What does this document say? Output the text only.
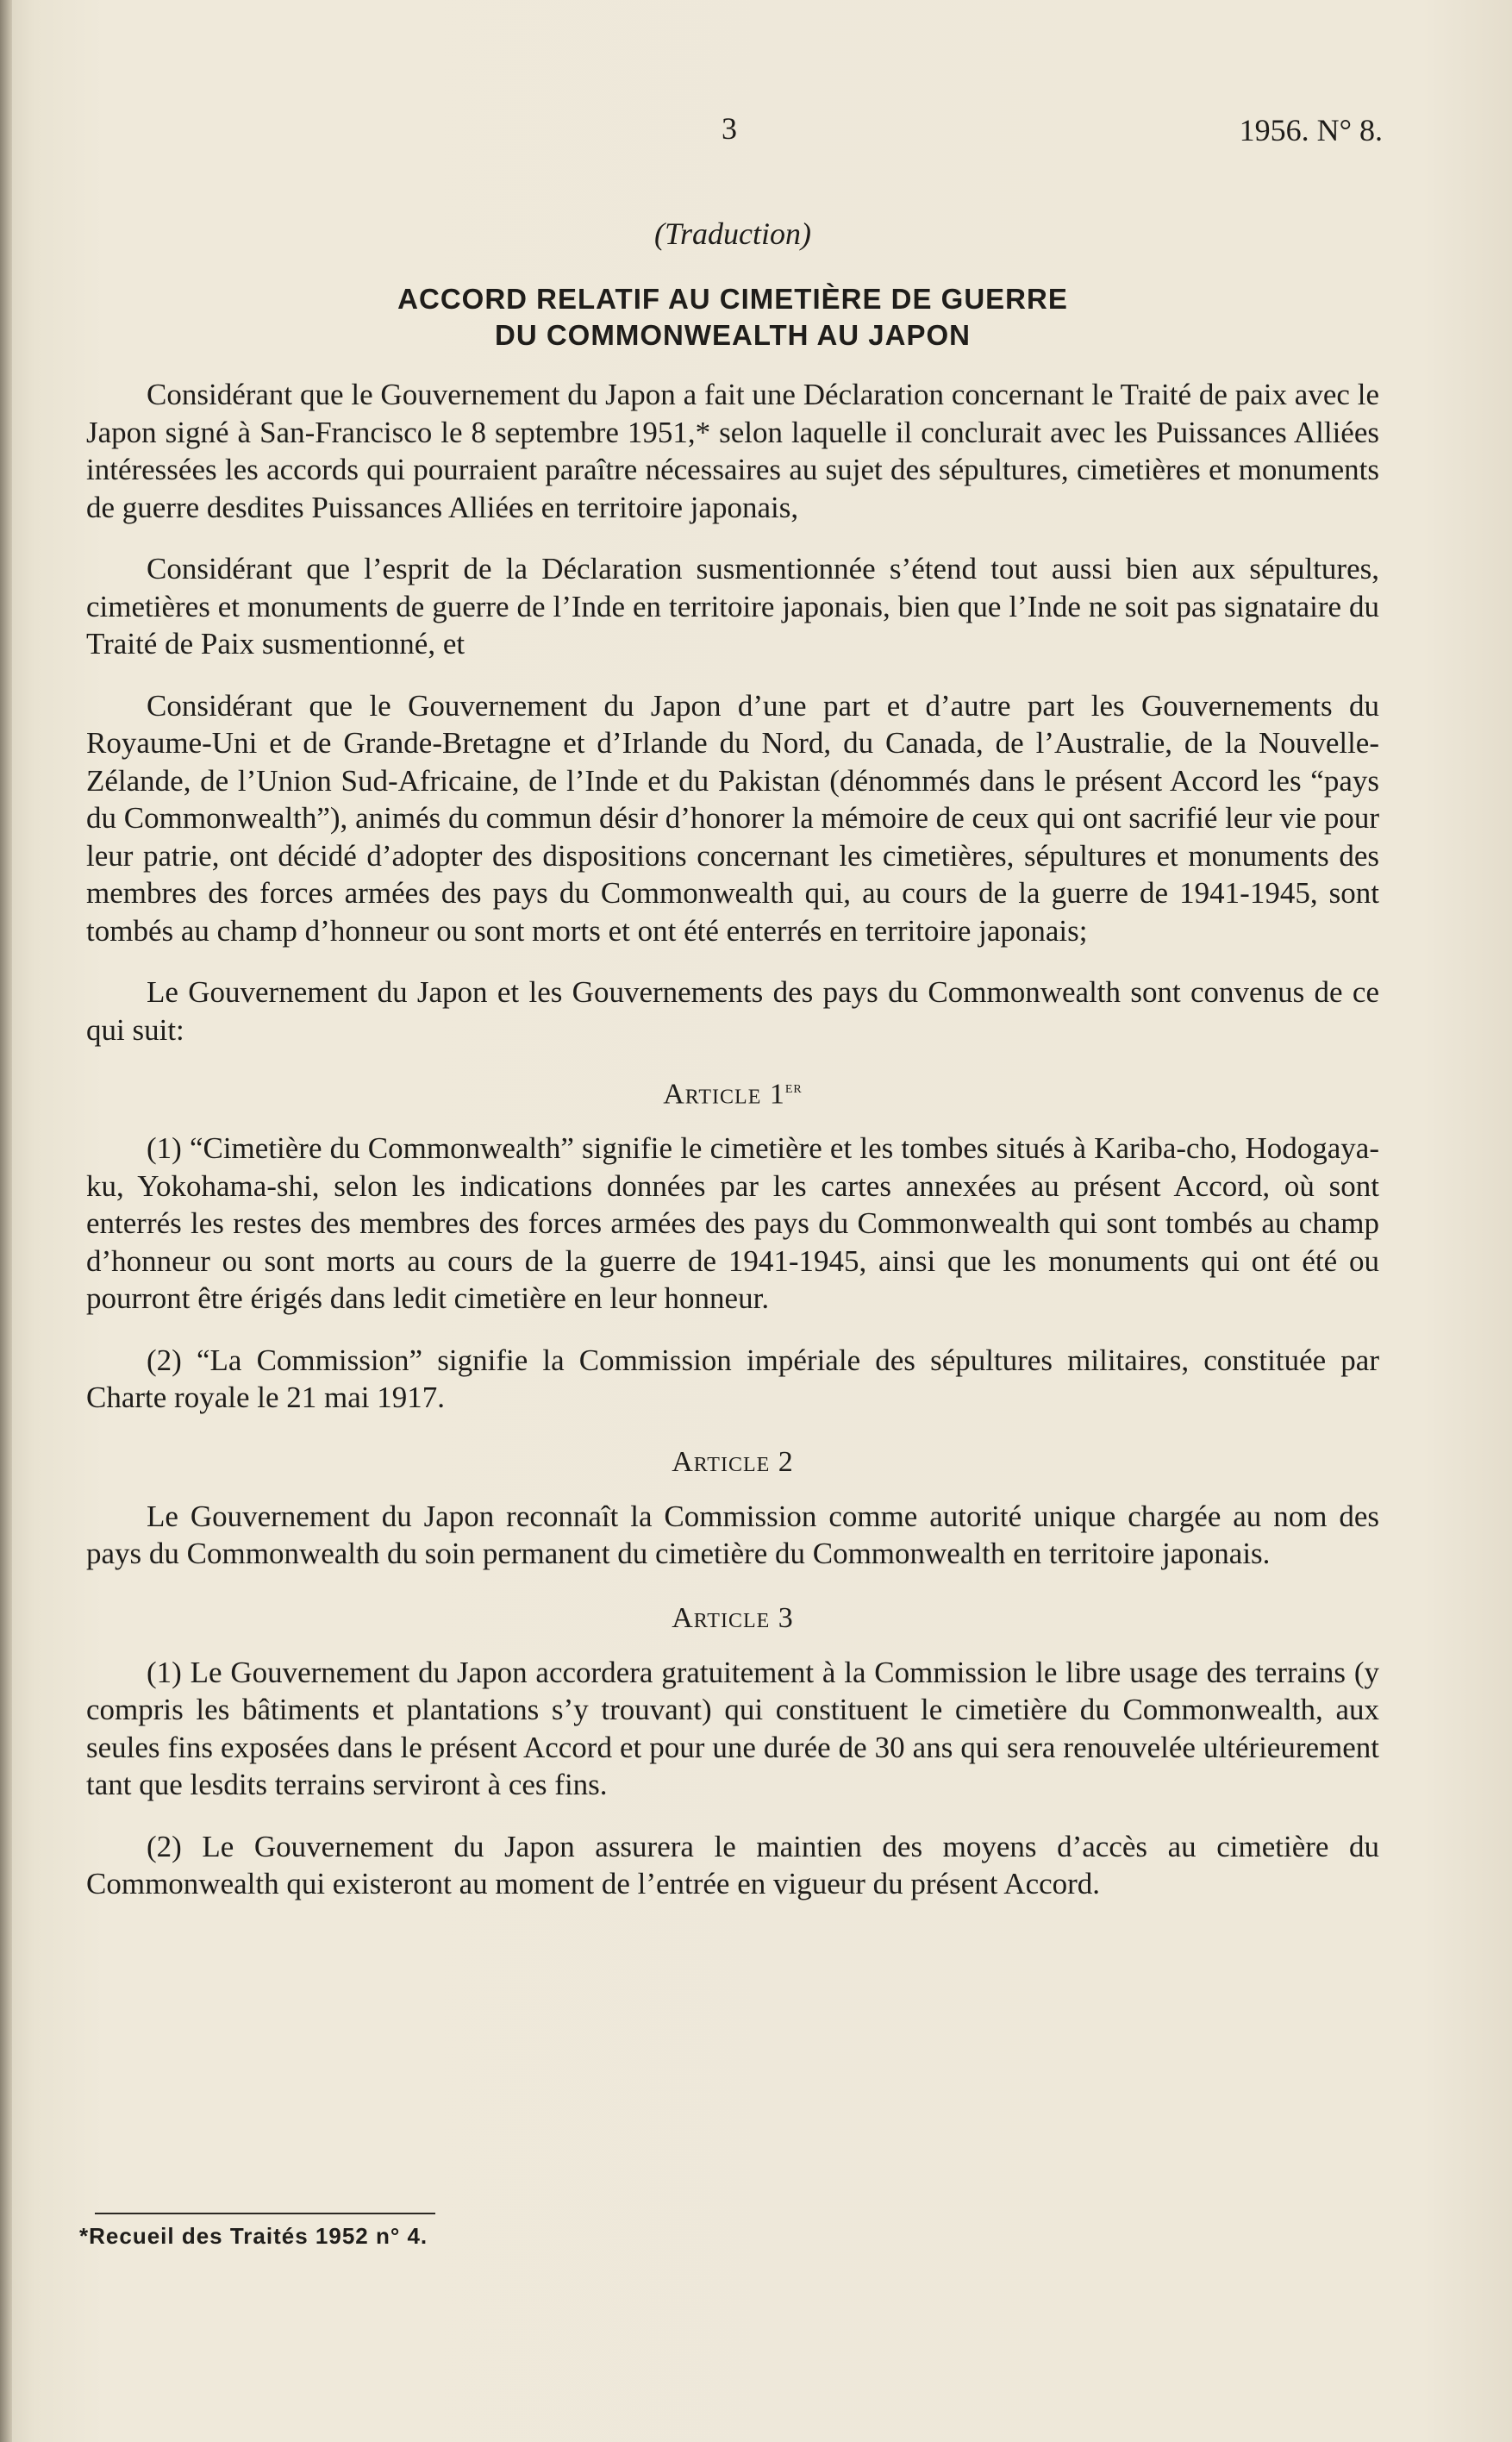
3	1956. N° 8.
(Traduction)
ACCORD RELATIF AU CIMETIÈRE DE GUERRE
DU COMMONWEALTH AU JAPON

Considérant que le Gouvernement du Japon a fait une Déclaration concernant le Traité de paix avec le Japon signé à San-Francisco le 8 septembre 1951,* selon laquelle il conclurait avec les Puissances Alliées intéressées les accords qui pourraient paraître nécessaires au sujet des sépultures, cimetières et monuments de guerre desdites Puissances Alliées en territoire japonais,

Considérant que l’esprit de la Déclaration susmentionnée s’étend tout aussi bien aux sépultures, cimetières et monuments de guerre de l’Inde en territoire japonais, bien que l’Inde ne soit pas signataire du Traité de Paix susmentionné, et

Considérant que le Gouvernement du Japon d’une part et d’autre part les Gouvernements du Royaume-Uni et de Grande-Bretagne et d’Irlande du Nord, du Canada, de l’Australie, de la Nouvelle-Zélande, de l’Union Sud-Africaine, de l’Inde et du Pakistan (dénommés dans le présent Accord les “pays du Commonwealth”), animés du commun désir d’honorer la mémoire de ceux qui ont sacrifié leur vie pour leur patrie, ont décidé d’adopter des dispositions concernant les cimetières, sépultures et monuments des membres des forces armées des pays du Commonwealth qui, au cours de la guerre de 1941-1945, sont tombés au champ d’honneur ou sont morts et ont été enterrés en territoire japonais;

Le Gouvernement du Japon et les Gouvernements des pays du Commonwealth sont convenus de ce qui suit:

Article 1er

(1) “Cimetière du Commonwealth” signifie le cimetière et les tombes situés à Kariba-cho, Hodogaya-ku, Yokohama-shi, selon les indications données par les cartes annexées au présent Accord, où sont enterrés les restes des membres des forces armées des pays du Commonwealth qui sont tombés au champ d’honneur ou sont morts au cours de la guerre de 1941-1945, ainsi que les monuments qui ont été ou pourront être érigés dans ledit cimetière en leur honneur.

(2) “La Commission” signifie la Commission impériale des sépultures militaires, constituée par Charte royale le 21 mai 1917.

Article 2

Le Gouvernement du Japon reconnaît la Commission comme autorité unique chargée au nom des pays du Commonwealth du soin permanent du cimetière du Commonwealth en territoire japonais.

Article 3

(1) Le Gouvernement du Japon accordera gratuitement à la Commission le libre usage des terrains (y compris les bâtiments et plantations s’y trouvant) qui constituent le cimetière du Commonwealth, aux seules fins exposées dans le présent Accord et pour une durée de 30 ans qui sera renouvelée ultérieurement tant que lesdits terrains serviront à ces fins.

(2) Le Gouvernement du Japon assurera le maintien des moyens d’accès au cimetière du Commonwealth qui existeront au moment de l’entrée en vigueur du présent Accord.

*Recueil des Traités 1952 n° 4.
